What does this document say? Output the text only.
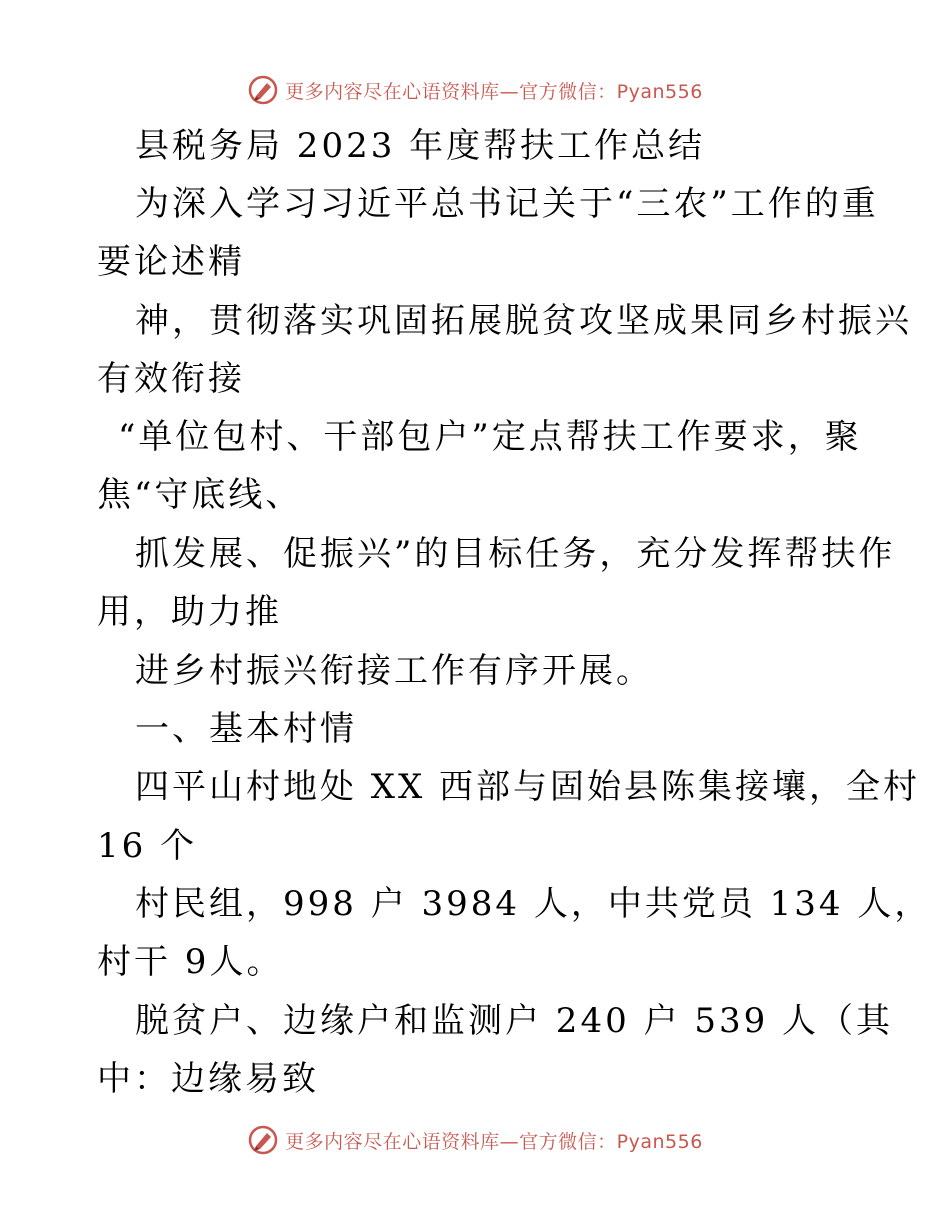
更多内容尽在心语资料库—官方微信：Pyan556
县税务局 2023 年度帮扶工作总结
为深入学习习近平总书记关于“三农”工作的重
要论述精
神，贯彻落实巩固拓展脱贫攻坚成果同乡村振兴
有效衔接
“单位包村、干部包户”定点帮扶工作要求，聚
焦“守底线、
抓发展、促振兴”的目标任务，充分发挥帮扶作
用，助力推
进乡村振兴衔接工作有序开展。
一、基本村情
四平山村地处 XX 西部与固始县陈集接壤，全村
16 个
村民组，998 户 3984 人，中共党员 134 人，
村干 9人。
脱贫户、边缘户和监测户 240 户 539 人（其
中：边缘易致
更多内容尽在心语资料库—官方微信：Pyan556
